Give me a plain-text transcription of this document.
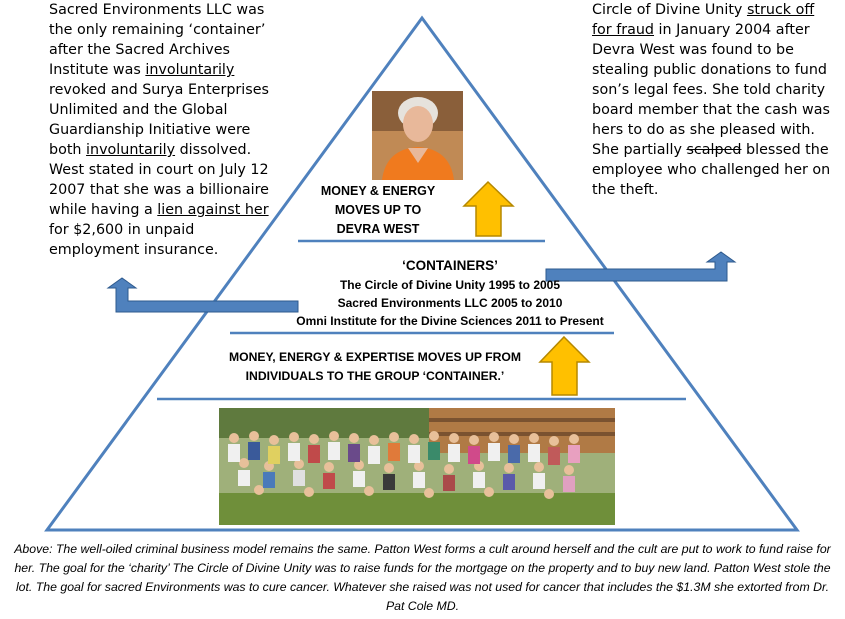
Sacred Environments LLC was the only remaining ‘container’ after the Sacred Archives Institute was involuntarily revoked and Surya Enterprises Unlimited and the Global Guardianship Initiative were both involuntarily dissolved. West stated in court on July 12 2007 that she was a billionaire while having a lien against her for $2,600 in unpaid employment insurance.
Circle of Divine Unity struck off for fraud in January 2004 after Devra West was found to be stealing public donations to fund son’s legal fees. She told charity board member that the cash was hers to do as she pleased with. She partially scalped blessed the employee who challenged her on the theft.
MONEY & ENERGY MOVES UP TO DEVRA WEST
‘CONTAINERS’
The Circle of Divine Unity 1995 to 2005
Sacred Environments LLC 2005 to 2010
Omni Institute for the Divine Sciences 2011 to Present
MONEY, ENERGY & EXPERTISE MOVES UP FROM INDIVIDUALS TO THE GROUP ‘CONTAINER.’
Above: The well-oiled criminal business model remains the same. Patton West forms a cult around herself and the cult are put to work to fund raise for her. The goal for the ‘charity’ The Circle of Divine Unity was to raise funds for the mortgage on the property and to buy new land. Patton West stole the lot. The goal for sacred Environments was to cure cancer. Whatever she raised was not used for cancer that includes the $1.3M she extorted from Dr. Pat Cole MD.
